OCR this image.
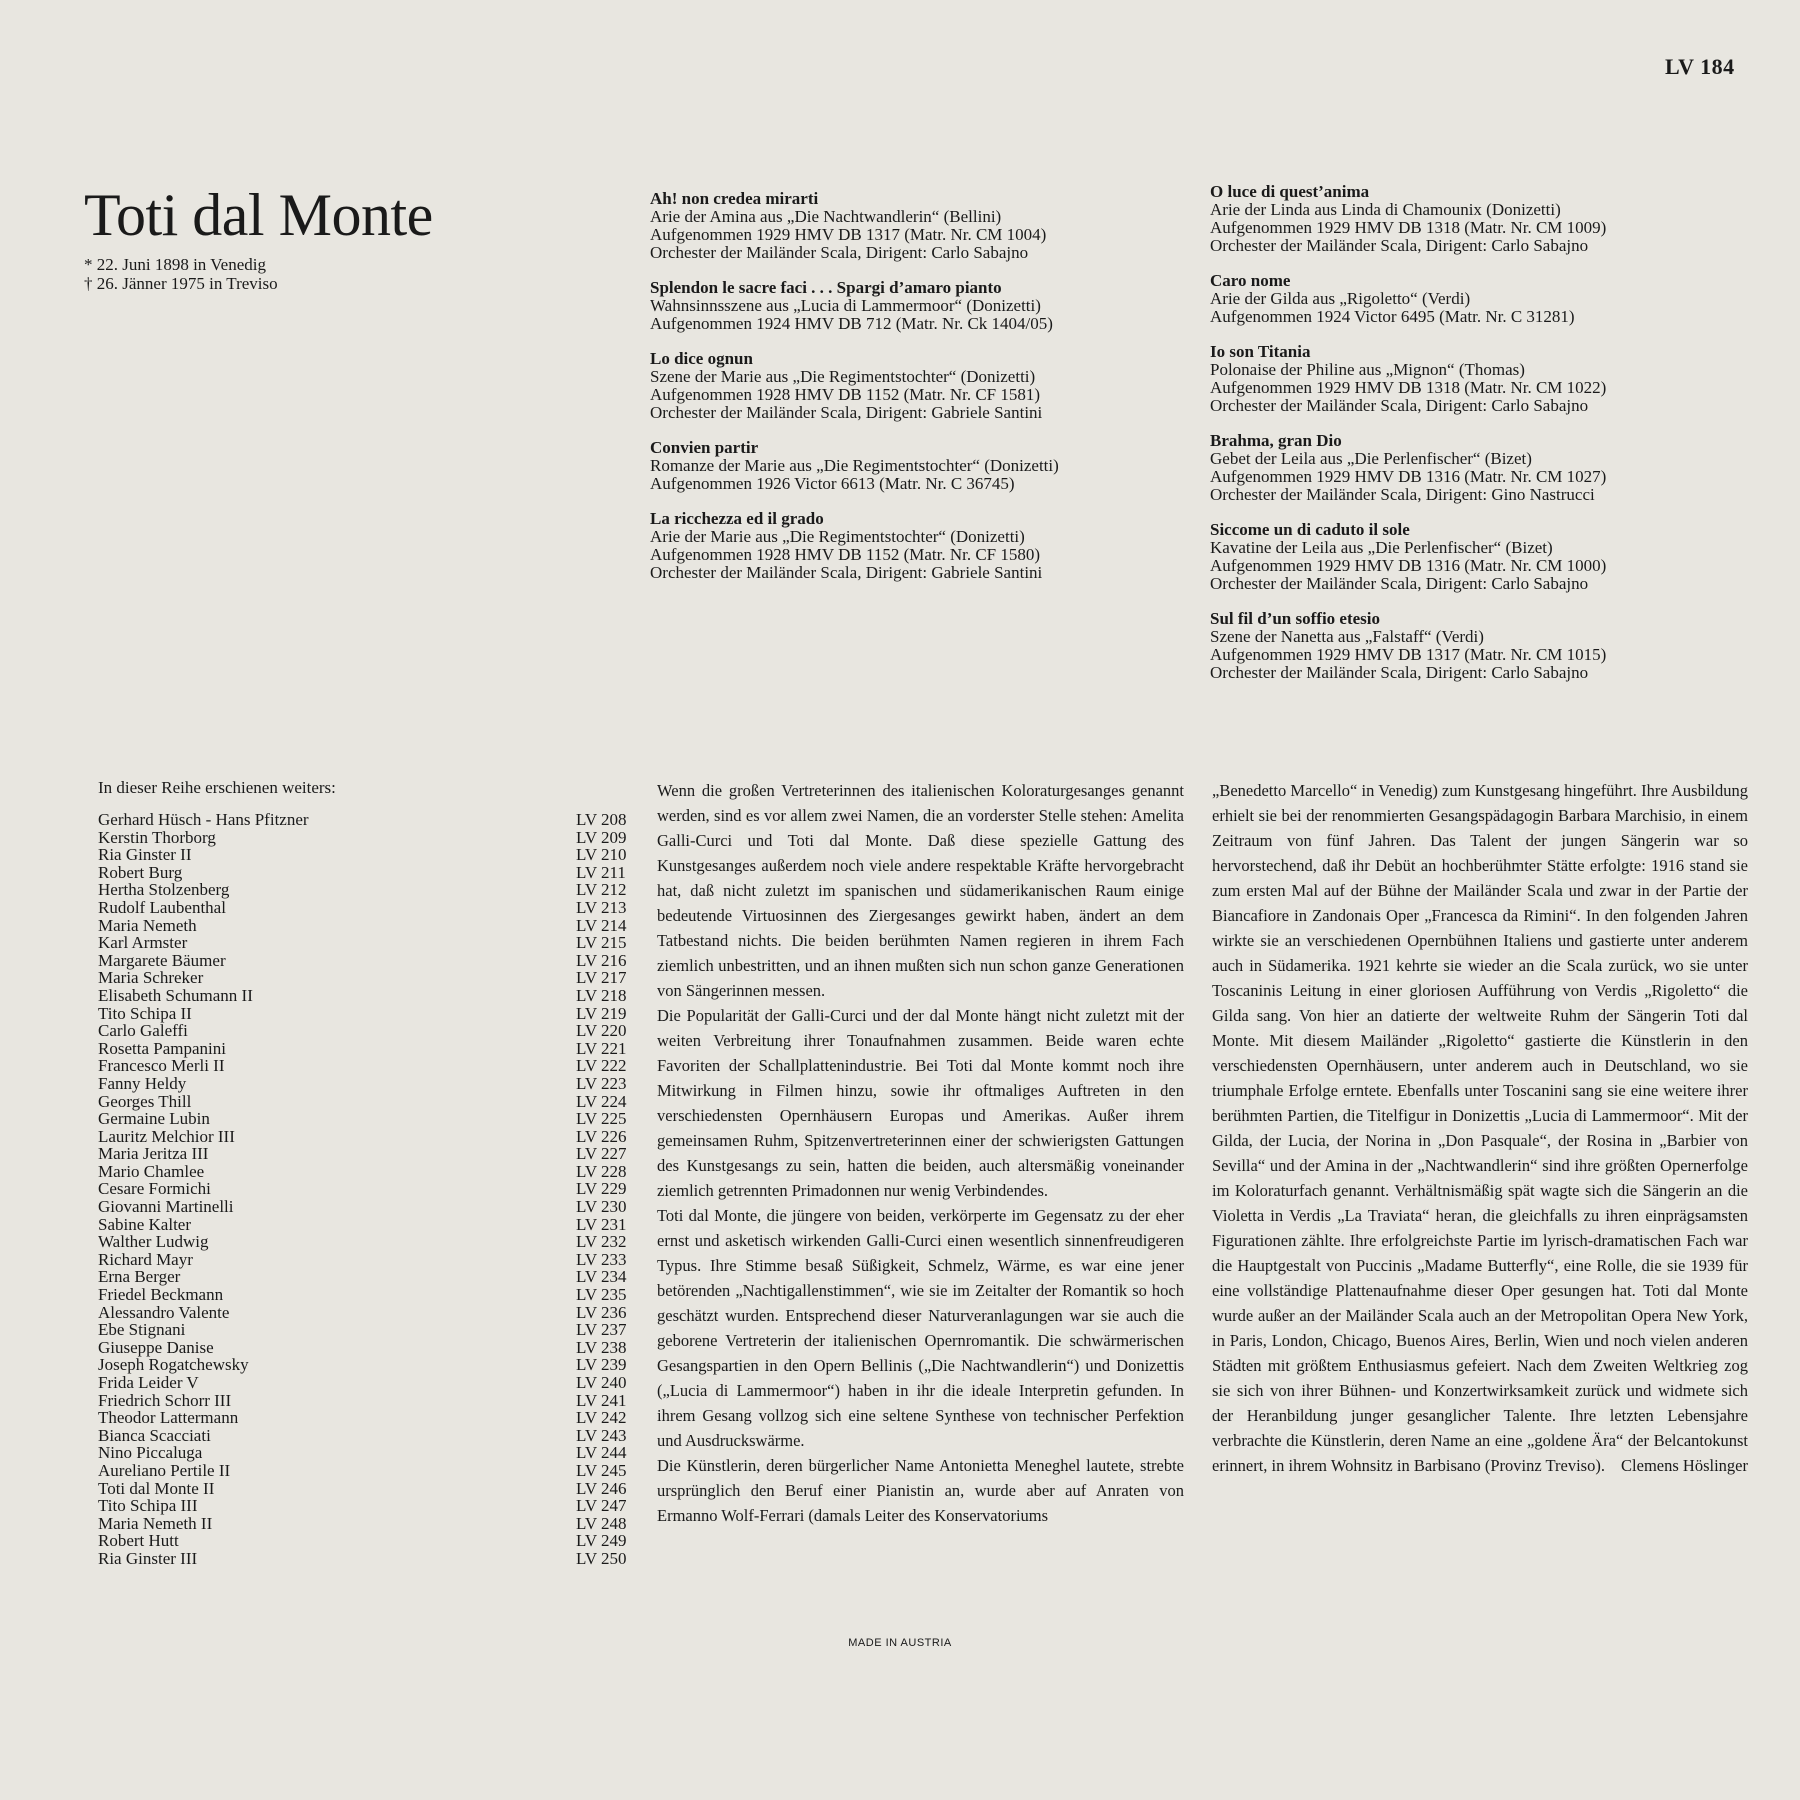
LV 184
Toti dal Monte
* 22. Juni 1898 in Venedig
† 26. Jänner 1975 in Treviso
Ah! non credea mirarti
Arie der Amina aus „Die Nachtwandlerin“ (Bellini)
Aufgenommen 1929 HMV DB 1317 (Matr. Nr. CM 1004)
Orchester der Mailänder Scala, Dirigent: Carlo Sabajno
Splendon le sacre faci . . . Spargi d’amaro pianto
Wahnsinnsszene aus „Lucia di Lammermoor“ (Donizetti)
Aufgenommen 1924 HMV DB 712 (Matr. Nr. Ck 1404/05)
Lo dice ognun
Szene der Marie aus „Die Regimentstochter“ (Donizetti)
Aufgenommen 1928 HMV DB 1152 (Matr. Nr. CF 1581)
Orchester der Mailänder Scala, Dirigent: Gabriele Santini
Convien partir
Romanze der Marie aus „Die Regimentstochter“ (Donizetti)
Aufgenommen 1926 Victor 6613 (Matr. Nr. C 36745)
La ricchezza ed il grado
Arie der Marie aus „Die Regimentstochter“ (Donizetti)
Aufgenommen 1928 HMV DB 1152 (Matr. Nr. CF 1580)
Orchester der Mailänder Scala, Dirigent: Gabriele Santini
O luce di quest’anima
Arie der Linda aus Linda di Chamounix (Donizetti)
Aufgenommen 1929 HMV DB 1318 (Matr. Nr. CM 1009)
Orchester der Mailänder Scala, Dirigent: Carlo Sabajno
Caro nome
Arie der Gilda aus „Rigoletto“ (Verdi)
Aufgenommen 1924 Victor 6495 (Matr. Nr. C 31281)
Io son Titania
Polonaise der Philine aus „Mignon“ (Thomas)
Aufgenommen 1929 HMV DB 1318 (Matr. Nr. CM 1022)
Orchester der Mailänder Scala, Dirigent: Carlo Sabajno
Brahma, gran Dio
Gebet der Leila aus „Die Perlenfischer“ (Bizet)
Aufgenommen 1929 HMV DB 1316 (Matr. Nr. CM 1027)
Orchester der Mailänder Scala, Dirigent: Gino Nastrucci
Siccome un di caduto il sole
Kavatine der Leila aus „Die Perlenfischer“ (Bizet)
Aufgenommen 1929 HMV DB 1316 (Matr. Nr. CM 1000)
Orchester der Mailänder Scala, Dirigent: Carlo Sabajno
Sul fil d’un soffio etesio
Szene der Nanetta aus „Falstaff“ (Verdi)
Aufgenommen 1929 HMV DB 1317 (Matr. Nr. CM 1015)
Orchester der Mailänder Scala, Dirigent: Carlo Sabajno
In dieser Reihe erschienen weiters:
Gerhard Hüsch - Hans Pfitzner	LV 208
Kerstin Thorborg	LV 209
Ria Ginster II	LV 210
Robert Burg	LV 211
Hertha Stolzenberg	LV 212
Rudolf Laubenthal	LV 213
Maria Nemeth	LV 214
Karl Armster	LV 215
Margarete Bäumer	LV 216
Maria Schreker	LV 217
Elisabeth Schumann II	LV 218
Tito Schipa II	LV 219
Carlo Galeffi	LV 220
Rosetta Pampanini	LV 221
Francesco Merli II	LV 222
Fanny Heldy	LV 223
Georges Thill	LV 224
Germaine Lubin	LV 225
Lauritz Melchior III	LV 226
Maria Jeritza III	LV 227
Mario Chamlee	LV 228
Cesare Formichi	LV 229
Giovanni Martinelli	LV 230
Sabine Kalter	LV 231
Walther Ludwig	LV 232
Richard Mayr	LV 233
Erna Berger	LV 234
Friedel Beckmann	LV 235
Alessandro Valente	LV 236
Ebe Stignani	LV 237
Giuseppe Danise	LV 238
Joseph Rogatchewsky	LV 239
Frida Leider V	LV 240
Friedrich Schorr III	LV 241
Theodor Lattermann	LV 242
Bianca Scacciati	LV 243
Nino Piccaluga	LV 244
Aureliano Pertile II	LV 245
Toti dal Monte II	LV 246
Tito Schipa III	LV 247
Maria Nemeth II	LV 248
Robert Hutt	LV 249
Ria Ginster III	LV 250

Wenn die großen Vertreterinnen des italienischen Koloraturgesanges genannt werden, sind es vor allem zwei Namen, die an vorderster Stelle stehen: Amelita Galli-Curci und Toti dal Monte. Daß diese spezielle Gattung des Kunstgesanges außerdem noch viele andere respektable Kräfte hervorgebracht hat, daß nicht zuletzt im spanischen und südamerikanischen Raum einige bedeutende Virtuosinnen des Ziergesanges gewirkt haben, ändert an dem Tatbestand nichts. Die beiden berühmten Namen regieren in ihrem Fach ziemlich unbestritten, und an ihnen mußten sich nun schon ganze Generationen von Sängerinnen messen.

Die Popularität der Galli-Curci und der dal Monte hängt nicht zuletzt mit der weiten Verbreitung ihrer Tonaufnahmen zusammen. Beide waren echte Favoriten der Schallplattenindustrie. Bei Toti dal Monte kommt noch ihre Mitwirkung in Filmen hinzu, sowie ihr oftmaliges Auftreten in den verschiedensten Opernhäusern Europas und Amerikas. Außer ihrem gemeinsamen Ruhm, Spitzenvertreterinnen einer der schwierigsten Gattungen des Kunstgesangs zu sein, hatten die beiden, auch altersmäßig voneinander ziemlich getrennten Primadonnen nur wenig Verbindendes.

Toti dal Monte, die jüngere von beiden, verkörperte im Gegensatz zu der eher ernst und asketisch wirkenden Galli-Curci einen wesentlich sinnenfreudigeren Typus. Ihre Stimme besaß Süßigkeit, Schmelz, Wärme, es war eine jener betörenden „Nachtigallenstimmen“, wie sie im Zeitalter der Romantik so hoch geschätzt wurden. Entsprechend dieser Naturveranlagungen war sie auch die geborene Vertreterin der italienischen Opernromantik. Die schwärmerischen Gesangspartien in den Opern Bellinis („Die Nachtwandlerin“) und Donizettis („Lucia di Lammermoor“) haben in ihr die ideale Interpretin gefunden. In ihrem Gesang vollzog sich eine seltene Synthese von technischer Perfektion und Ausdruckswärme.

Die Künstlerin, deren bürgerlicher Name Antonietta Meneghel lautete, strebte ursprünglich den Beruf einer Pianistin an, wurde aber auf Anraten von Ermanno Wolf-Ferrari (damals Leiter des Konservatoriums

„Benedetto Marcello“ in Venedig) zum Kunstgesang hingeführt. Ihre Ausbildung erhielt sie bei der renommierten Gesangspädagogin Barbara Marchisio, in einem Zeitraum von fünf Jahren. Das Talent der jungen Sängerin war so hervorstechend, daß ihr Debüt an hochberühmter Stätte erfolgte: 1916 stand sie zum ersten Mal auf der Bühne der Mailänder Scala und zwar in der Partie der Biancafiore in Zandonais Oper „Francesca da Rimini“. In den folgenden Jahren wirkte sie an verschiedenen Opernbühnen Italiens und gastierte unter anderem auch in Südamerika. 1921 kehrte sie wieder an die Scala zurück, wo sie unter Toscaninis Leitung in einer gloriosen Aufführung von Verdis „Rigoletto“ die Gilda sang. Von hier an datierte der weltweite Ruhm der Sängerin Toti dal Monte. Mit diesem Mailänder „Rigoletto“ gastierte die Künstlerin in den verschiedensten Opernhäusern, unter anderem auch in Deutschland, wo sie triumphale Erfolge erntete. Ebenfalls unter Toscanini sang sie eine weitere ihrer berühmten Partien, die Titelfigur in Donizettis „Lucia di Lammermoor“. Mit der Gilda, der Lucia, der Norina in „Don Pasquale“, der Rosina in „Barbier von Sevilla“ und der Amina in der „Nachtwandlerin“ sind ihre größten Opernerfolge im Koloraturfach genannt. Verhältnismäßig spät wagte sich die Sängerin an die Violetta in Verdis „La Traviata“ heran, die gleichfalls zu ihren einprägsamsten Figurationen zählte. Ihre erfolgreichste Partie im lyrisch-dramatischen Fach war die Hauptgestalt von Puccinis „Madame Butterfly“, eine Rolle, die sie 1939 für eine vollständige Plattenaufnahme dieser Oper gesungen hat. Toti dal Monte wurde außer an der Mailänder Scala auch an der Metropolitan Opera New York, in Paris, London, Chicago, Buenos Aires, Berlin, Wien und noch vielen anderen Städten mit größtem Enthusiasmus gefeiert. Nach dem Zweiten Weltkrieg zog sie sich von ihrer Bühnen- und Konzertwirksamkeit zurück und widmete sich der Heranbildung junger gesanglicher Talente. Ihre letzten Lebensjahre verbrachte die Künstlerin, deren Name an eine „goldene Ära“ der Belcantokunst erinnert, in ihrem Wohnsitz in Barbisano (Provinz Treviso). Clemens Höslinger

MADE IN AUSTRIA
